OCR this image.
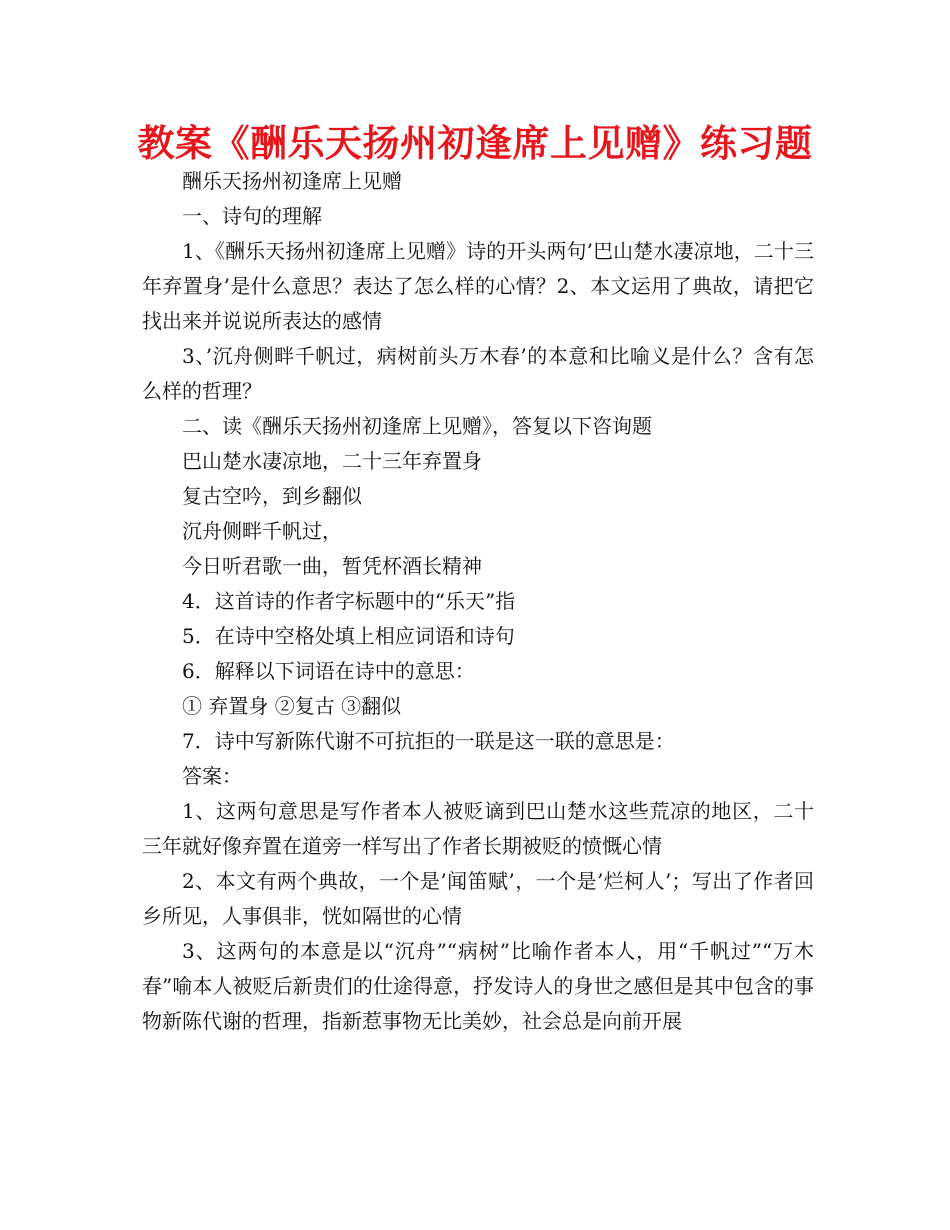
教案《酬乐天扬州初逢席上见赠》练习题

酬乐天扬州初逢席上见赠

一、诗句的理解

1、《酬乐天扬州初逢席上见赠》诗的开头两句’巴山楚水凄凉地，二十三年弃置身’是什么意思？表达了怎么样的心情？2、本文运用了典故，请把它找出来并说说所表达的感情

3、’沉舟侧畔千帆过，病树前头万木春’的本意和比喻义是什么？含有怎么样的哲理？

二、读《酬乐天扬州初逢席上见赠》，答复以下咨询题

巴山楚水凄凉地，二十三年弃置身

复古空吟，到乡翻似

沉舟侧畔千帆过，

今日听君歌一曲，暂凭杯酒长精神

4．这首诗的作者字标题中的“乐天”指

5．在诗中空格处填上相应词语和诗句

6．解释以下词语在诗中的意思：

① 弃置身 ②复古 ③翻似

7．诗中写新陈代谢不可抗拒的一联是这一联的意思是：

答案：

1、这两句意思是写作者本人被贬谪到巴山楚水这些荒凉的地区，二十三年就好像弃置在道旁一样写出了作者长期被贬的愤慨心情

2、本文有两个典故，一个是’闻笛赋’，一个是’烂柯人’；写出了作者回乡所见，人事俱非，恍如隔世的心情

3、这两句的本意是以“沉舟”“病树”比喻作者本人，用“千帆过”“万木春”喻本人被贬后新贵们的仕途得意，抒发诗人的身世之感但是其中包含的事物新陈代谢的哲理，指新惹事物无比美妙，社会总是向前开展
